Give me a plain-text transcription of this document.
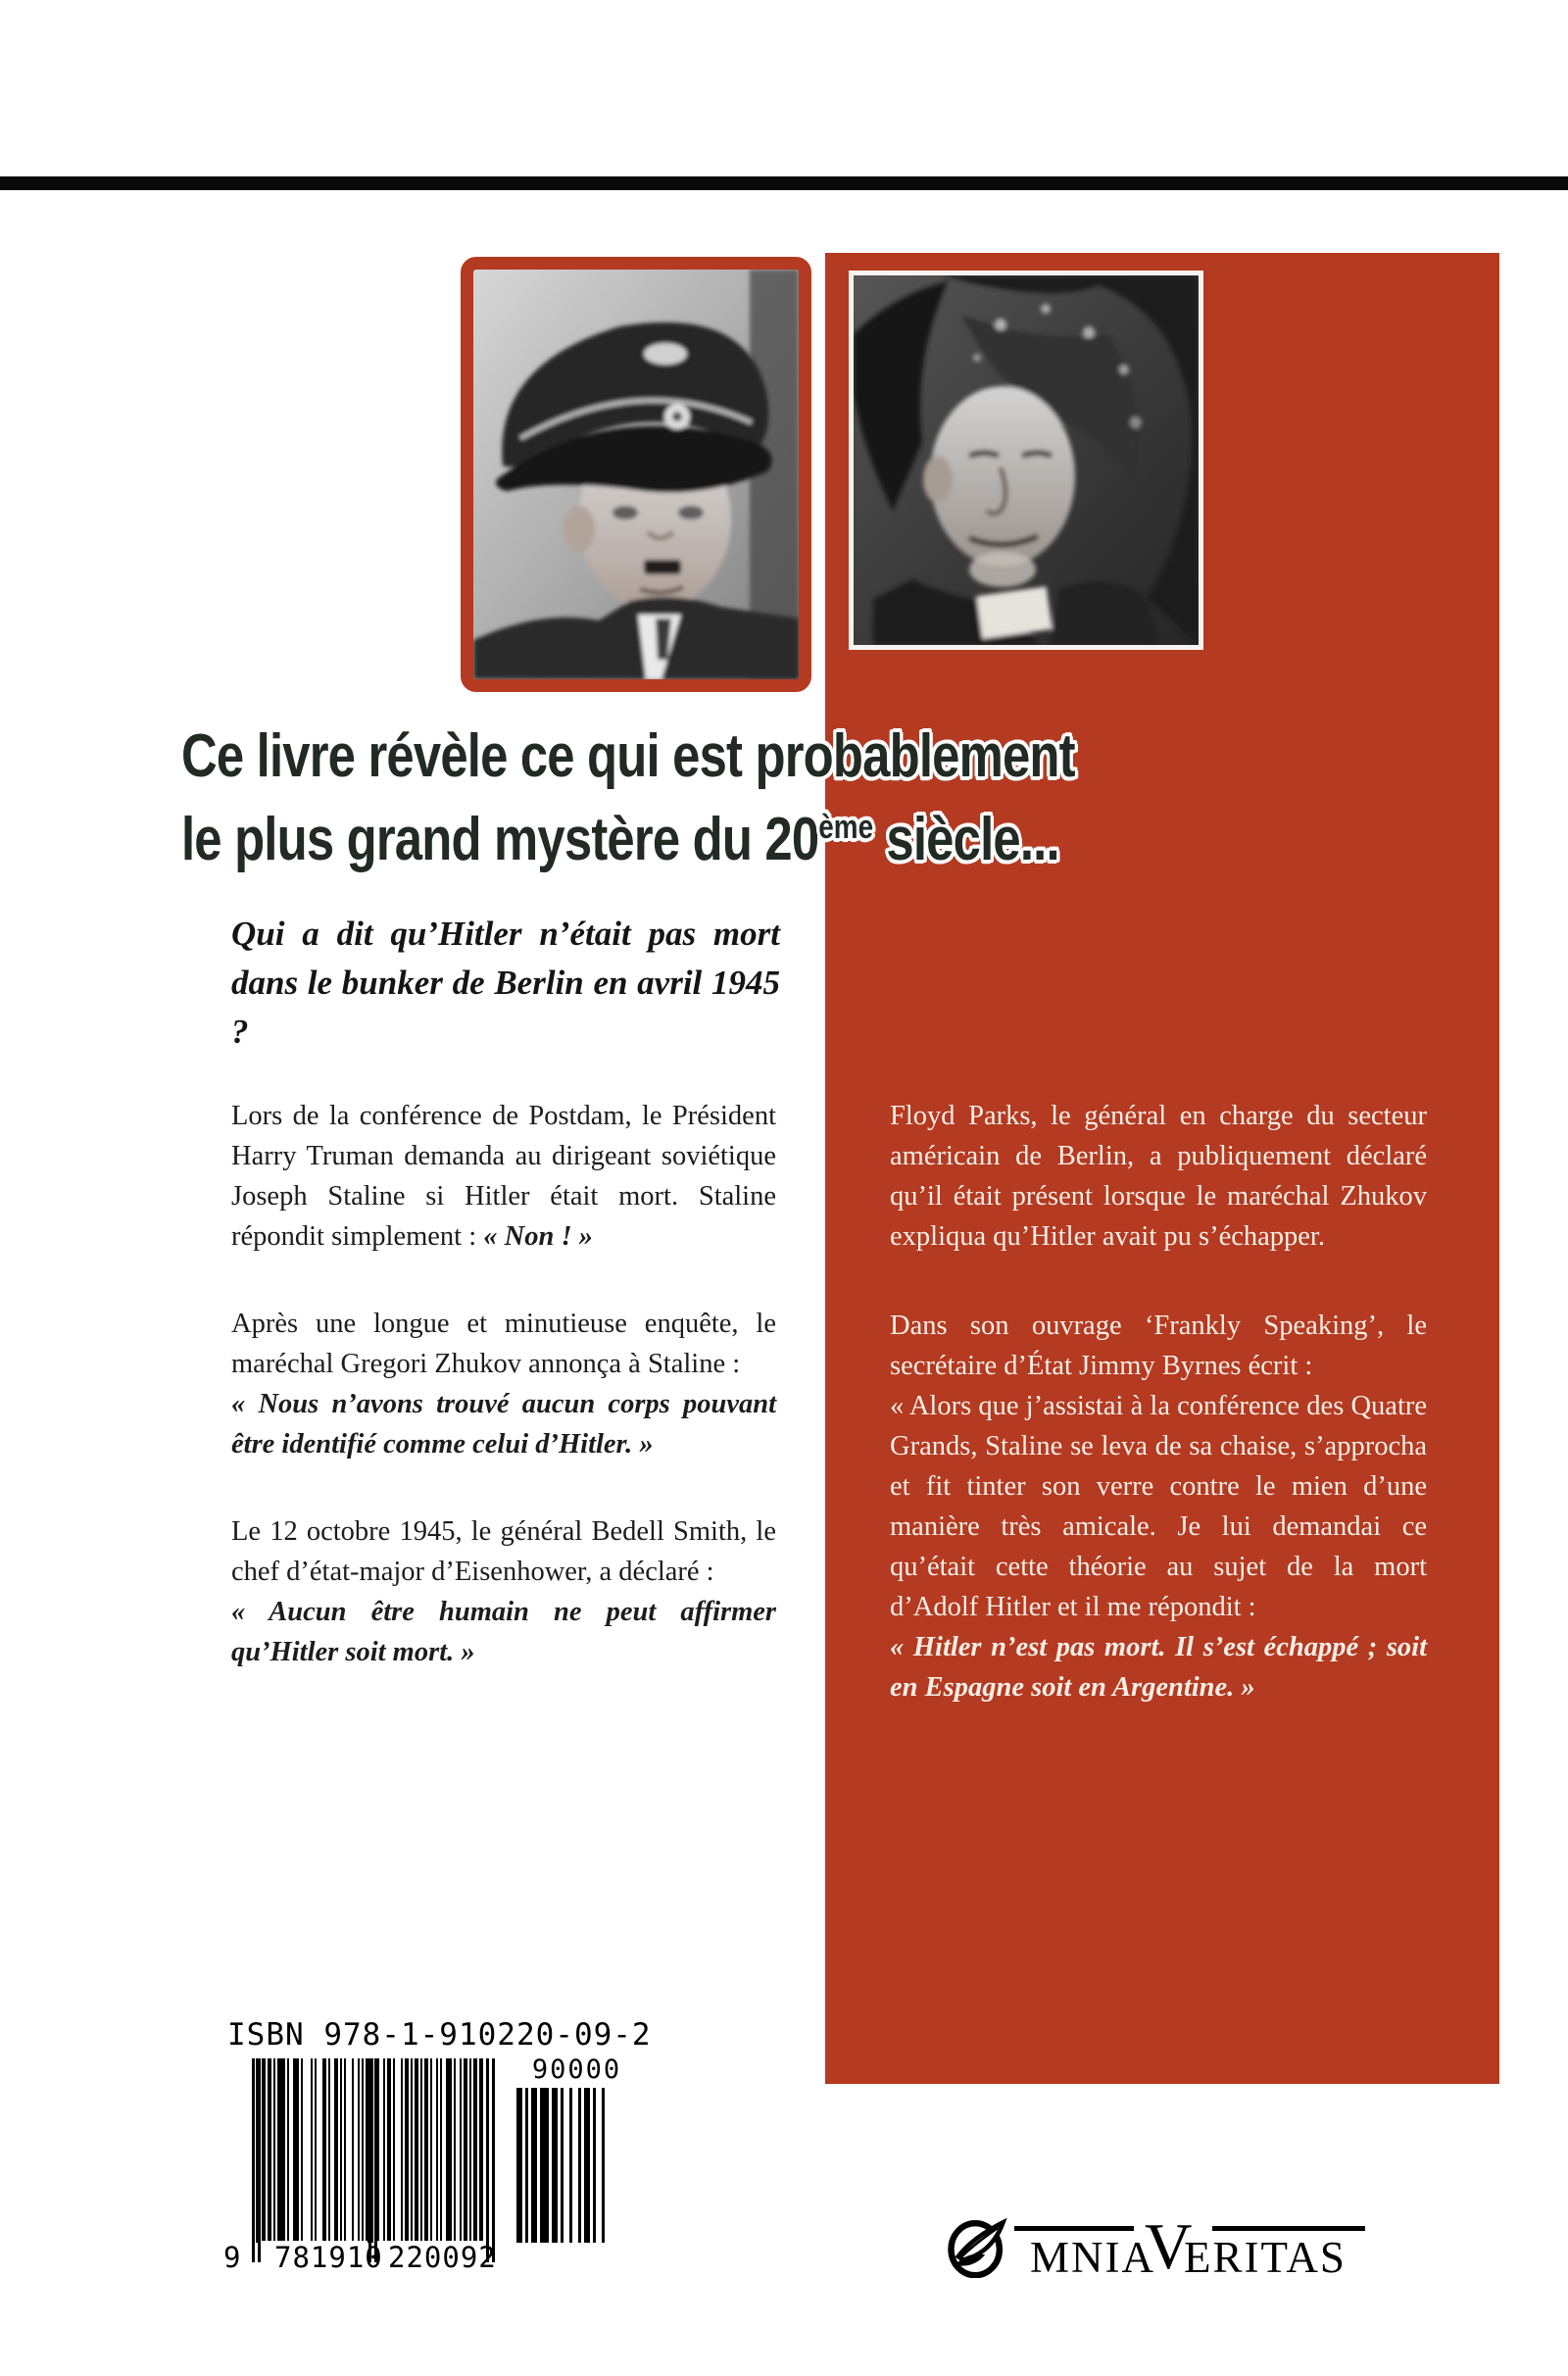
Ce livre révèle ce qui est probablement
le plus grand mystère du 20ème siècle...

Qui a dit qu’Hitler n’était pas mort dans le bunker de Berlin en avril 1945 ?

Lors de la conférence de Postdam, le Président Harry Truman demanda au dirigeant soviétique Joseph Staline si Hitler était mort. Staline répondit simplement : « Non ! »

Après une longue et minutieuse enquête, le maréchal Gregori Zhukov annonça à Staline :
« Nous n’avons trouvé aucun corps pouvant être identifié comme celui d’Hitler. »

Le 12 octobre 1945, le général Bedell Smith, le chef d’état-major d’Eisenhower, a déclaré :
« Aucun être humain ne peut affirmer qu’Hitler soit mort. »

Floyd Parks, le général en charge du secteur américain de Berlin, a publiquement déclaré qu’il était présent lorsque le maréchal Zhukov expliqua qu’Hitler avait pu s’échapper.

Dans son ouvrage ‘Frankly Speaking’, le secrétaire d’État Jimmy Byrnes écrit :
« Alors que j’assistai à la conférence des Quatre Grands, Staline se leva de sa chaise, s’approcha et fit tinter son verre contre le mien d’une manière très amicale. Je lui demandai ce qu’était cette théorie au sujet de la mort d’Adolf Hitler et il me répondit :
« Hitler n’est pas mort. Il s’est échappé ; soit en Espagne soit en Argentine. »

ISBN 978-1-910220-09-2

9 781910 220092
90000
MNIA
V
ERITAS
